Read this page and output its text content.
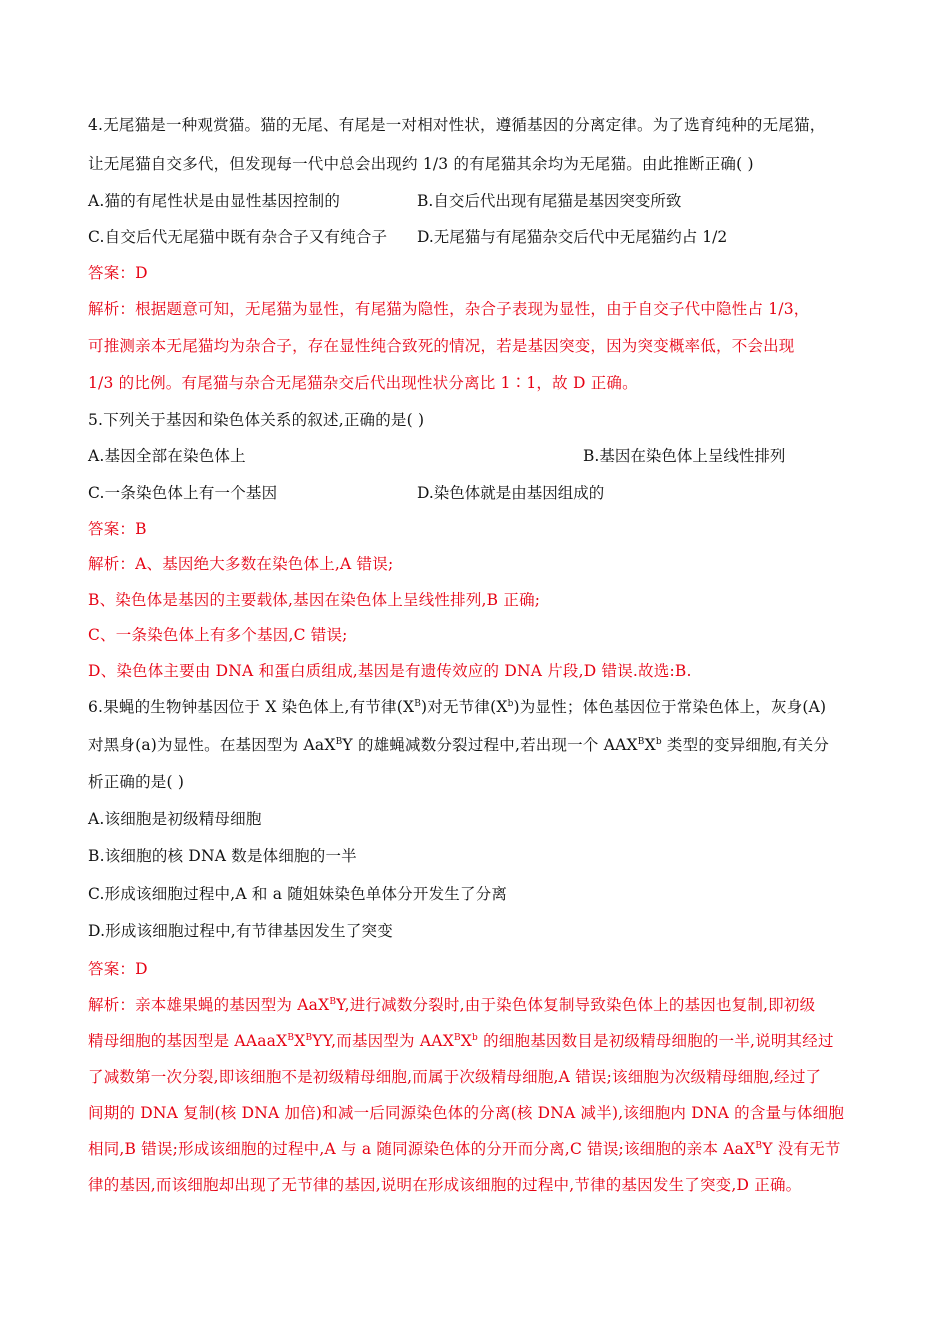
4.无尾猫是一种观赏猫。猫的无尾、有尾是一对相对性状，遵循基因的分离定律。为了选育纯种的无尾猫，
让无尾猫自交多代，但发现每一代中总会出现约 1/3 的有尾猫其余均为无尾猫。由此推断正确( )
A.猫的有尾性状是由显性基因控制的	B.自交后代出现有尾猫是基因突变所致
C.自交后代无尾猫中既有杂合子又有纯合子 D.无尾猫与有尾猫杂交后代中无尾猫约占 1/2
答案：D
解析：根据题意可知，无尾猫为显性，有尾猫为隐性，杂合子表现为显性，由于自交子代中隐性占 1/3，
可推测亲本无尾猫均为杂合子，存在显性纯合致死的情况，若是基因突变，因为突变概率低，不会出现
1/3 的比例。有尾猫与杂合无尾猫杂交后代出现性状分离比 1∶1，故 D 正确。
5.下列关于基因和染色体关系的叙述,正确的是( )
A.基因全部在染色体上	B.基因在染色体上呈线性排列
C.一条染色体上有一个基因	D.染色体就是由基因组成的
答案：B
解析：A、基因绝大多数在染色体上,A 错误;
B、染色体是基因的主要载体,基因在染色体上呈线性排列,B 正确;
C、一条染色体上有多个基因,C 错误;
D、染色体主要由 DNA 和蛋白质组成,基因是有遗传效应的 DNA 片段,D 错误.故选:B.
6.果蝇的生物钟基因位于 X 染色体上,有节律$(X^B)$对无节律$(X^b)$为显性；体色基因位于常染色体上，灰身(A)
对黑身(a)为显性。在基因型为 AaX$^B$Y 的雄蝇减数分裂过程中,若出现一个 $AAX^BX^b$ 类型的变异细胞,有关分
析正确的是( )
A.该细胞是初级精母细胞
B.该细胞的核 DNA 数是体细胞的一半
C.形成该细胞过程中,A 和 a 随姐妹染色单体分开发生了分离
D.形成该细胞过程中,有节律基因发生了突变
答案：D
解析：亲本雄果蝇的基因型为 AaX$^B$Y,进行减数分裂时,由于染色体复制导致染色体上的基因也复制,即初级
精母细胞的基因型是 $AAaaX^BX^BYY$,而基因型为 $AAX^BX^b$ 的细胞基因数目是初级精母细胞的一半,说明其经过
了减数第一次分裂,即该细胞不是初级精母细胞,而属于次级精母细胞,A 错误;该细胞为次级精母细胞,经过了
间期的 DNA 复制(核 DNA 加倍)和减一后同源染色体的分离(核 DNA 减半),该细胞内 DNA 的含量与体细胞
相同,B 错误;形成该细胞的过程中,A 与 a 随同源染色体的分开而分离,C 错误;该细胞的亲本 AaX$^B$Y 没有无节
律的基因,而该细胞却出现了无节律的基因,说明在形成该细胞的过程中,节律的基因发生了突变,D 正确。
